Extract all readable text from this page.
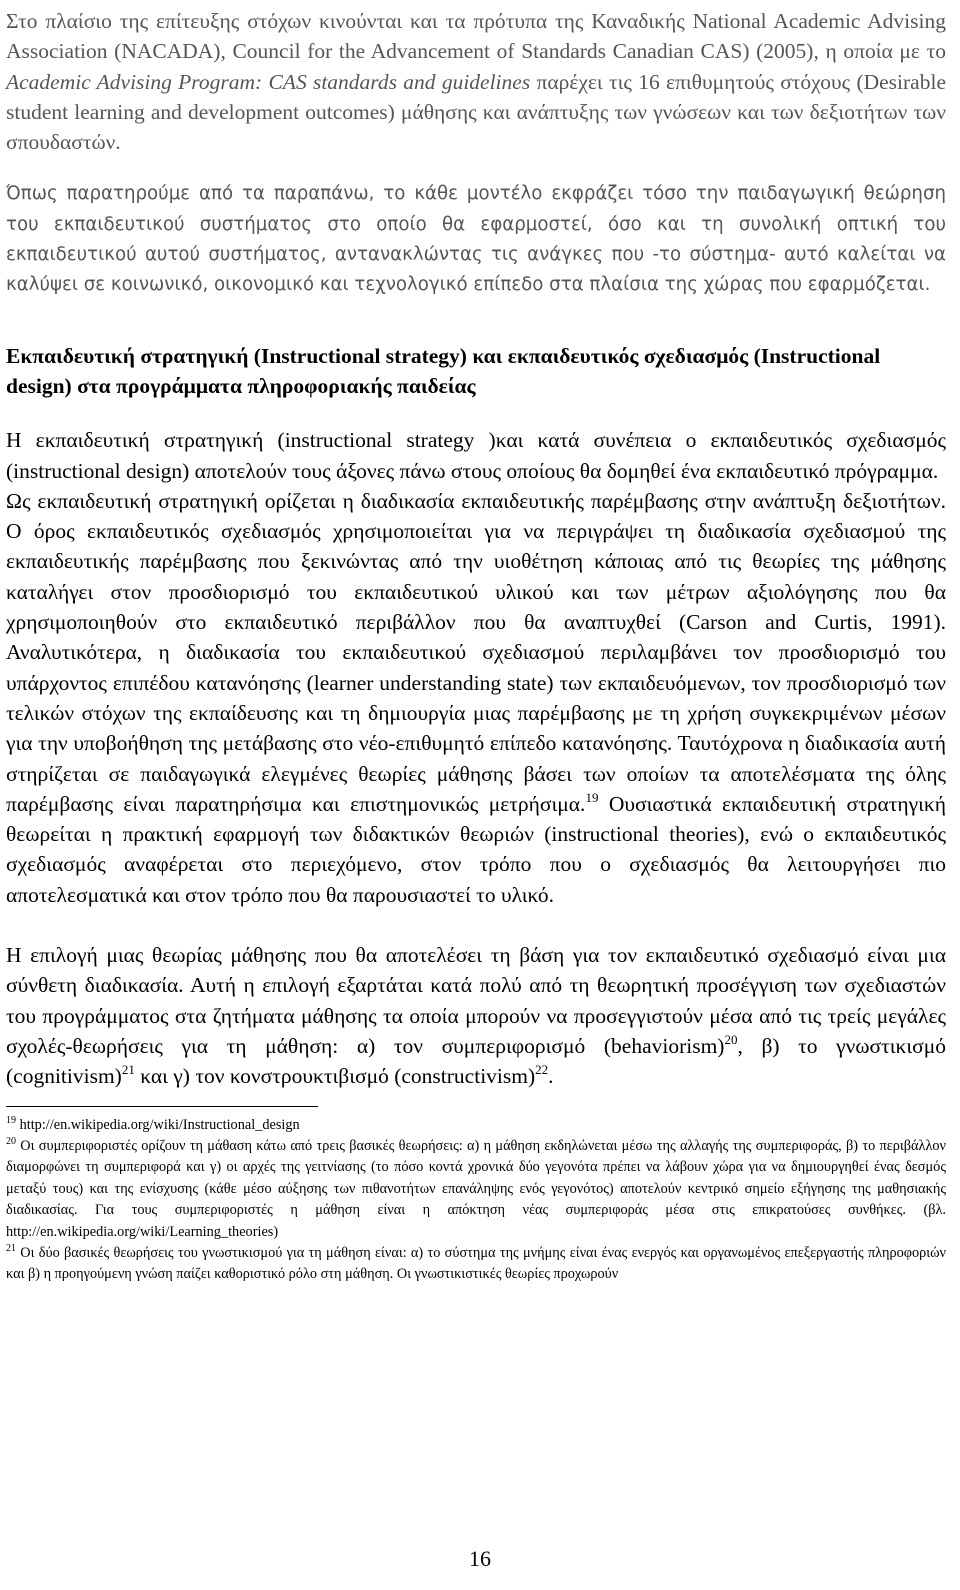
Στο πλαίσιο της επίτευξης στόχων κινούνται και τα πρότυπα της Καναδικής National Academic Advising Association (NACADA), Council for the Advancement of Standards Canadian CAS) (2005), η οποία με το Academic Advising Program: CAS standards and guidelines παρέχει τις 16 επιθυμητούς στόχους (Desirable student learning and development outcomes) μάθησης και ανάπτυξης των γνώσεων και των δεξιοτήτων των σπουδαστών.

Όπως παρατηρούμε από τα παραπάνω, το κάθε μοντέλο εκφράζει τόσο την παιδαγωγική θεώρηση του εκπαιδευτικού συστήματος στο οποίο θα εφαρμοστεί, όσο και τη συνολική οπτική του εκπαιδευτικού αυτού συστήματος, αντανακλώντας τις ανάγκες που -το σύστημα- αυτό καλείται να καλύψει σε κοινωνικό, οικονομικό και τεχνολογικό επίπεδο στα πλαίσια της χώρας που εφαρμόζεται.

Εκπαιδευτική στρατηγική (Instructional strategy) και εκπαιδευτικός σχεδιασμός (Instructional design) στα προγράμματα πληροφοριακής παιδείας

Η εκπαιδευτική στρατηγική (instructional strategy )και κατά συνέπεια ο εκπαιδευτικός σχεδιασμός (instructional design) αποτελούν τους άξονες πάνω στους οποίους θα δομηθεί ένα εκπαιδευτικό πρόγραμμα.

Ως εκπαιδευτική στρατηγική ορίζεται η διαδικασία εκπαιδευτικής παρέμβασης στην ανάπτυξη δεξιοτήτων. Ο όρος εκπαιδευτικός σχεδιασμός χρησιμοποιείται για να περιγράψει τη διαδικασία σχεδιασμού της εκπαιδευτικής παρέμβασης που ξεκινώντας από την υιοθέτηση κάποιας από τις θεωρίες της μάθησης καταλήγει στον προσδιορισμό του εκπαιδευτικού υλικού και των μέτρων αξιολόγησης που θα χρησιμοποιηθούν στο εκπαιδευτικό περιβάλλον που θα αναπτυχθεί (Carson and Curtis, 1991). Αναλυτικότερα, η διαδικασία του εκπαιδευτικού σχεδιασμού περιλαμβάνει τον προσδιορισμό του υπάρχοντος επιπέδου κατανόησης (learner understanding state) των εκπαιδευόμενων, τον προσδιορισμό των τελικών στόχων της εκπαίδευσης και τη δημιουργία μιας παρέμβασης με τη χρήση συγκεκριμένων μέσων για την υποβοήθηση της μετάβασης στο νέο-επιθυμητό επίπεδο κατανόησης. Ταυτόχρονα η διαδικασία αυτή στηρίζεται σε παιδαγωγικά ελεγμένες θεωρίες μάθησης βάσει των οποίων τα αποτελέσματα της όλης παρέμβασης είναι παρατηρήσιμα και επιστημονικώς μετρήσιμα.$^{19}$ Ουσιαστικά εκπαιδευτική στρατηγική θεωρείται η πρακτική εφαρμογή των διδακτικών θεωριών (instructional theories), ενώ ο εκπαιδευτικός σχεδιασμός αναφέρεται στο περιεχόμενο, στον τρόπο που ο σχεδιασμός θα λειτουργήσει πιο αποτελεσματικά και στον τρόπο που θα παρουσιαστεί το υλικό.

Η επιλογή μιας θεωρίας μάθησης που θα αποτελέσει τη βάση για τον εκπαιδευτικό σχεδιασμό είναι μια σύνθετη διαδικασία. Αυτή η επιλογή εξαρτάται κατά πολύ από τη θεωρητική προσέγγιση των σχεδιαστών του προγράμματος στα ζητήματα μάθησης τα οποία μπορούν να προσεγγιστούν μέσα από τις τρείς μεγάλες σχολές-θεωρήσεις για τη μάθηση: α) τον συμπεριφορισμό (behaviorism)$^{20}$, β) το γνωστικισμό (cognitivism)$^{21}$ και γ) τον κονστρουκτιβισμό (constructivism)$^{22}$.

$^{19}$ http://en.wikipedia.org/wiki/Instructional_design

$^{20}$ Οι συμπεριφοριστές ορίζουν τη μάθαση κάτω από τρεις βασικές θεωρήσεις: α) η μάθηση εκδηλώνεται μέσω της αλλαγής της συμπεριφοράς, β) το περιβάλλον διαμορφώνει τη συμπεριφορά και γ) οι αρχές της γειτνίασης (το πόσο κοντά χρονικά δύο γεγονότα πρέπει να λάβουν χώρα για να δημιουργηθεί ένας δεσμός μεταξύ τους) και της ενίσχυσης (κάθε μέσο αύξησης των πιθανοτήτων επανάληψης ενός γεγονότος) αποτελούν κεντρικό σημείο εξήγησης της μαθησιακής διαδικασίας. Για τους συμπεριφοριστές η μάθηση είναι η απόκτηση νέας συμπεριφοράς μέσα στις επικρατούσες συνθήκες. (βλ. http://en.wikipedia.org/wiki/Learning_theories)

$^{21}$ Οι δύο βασικές θεωρήσεις του γνωστικισμού για τη μάθηση είναι: α) το σύστημα της μνήμης είναι ένας ενεργός και οργανωμένος επεξεργαστής πληροφοριών και β) η προηγούμενη γνώση παίζει καθοριστικό ρόλο στη μάθηση. Οι γνωστικιστικές θεωρίες προχωρούν

16
